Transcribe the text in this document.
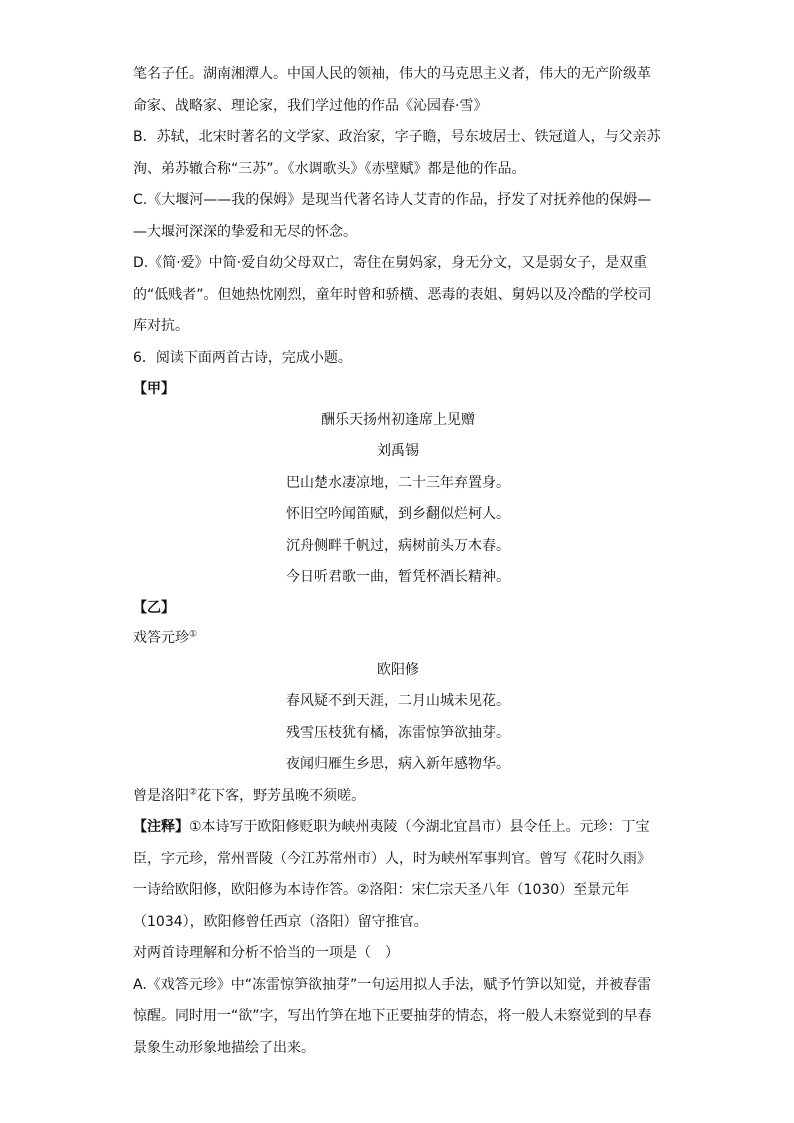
笔名子任。湖南湘潭人。中国人民的领袖，伟大的马克思主义者，伟大的无产阶级革
命家、战略家、理论家，我们学过他的作品《沁园春·雪》
B．苏轼，北宋时著名的文学家、政治家，字子瞻，号东坡居士、铁冠道人，与父亲苏
洵、弟苏辙合称“三苏”。《水调歌头》《赤壁赋》都是他的作品。
C.《大堰河——我的保姆》是现当代著名诗人艾青的作品，抒发了对抚养他的保姆—
—大堰河深深的挚爱和无尽的怀念。
D.《简·爱》中简·爱自幼父母双亡，寄住在舅妈家，身无分文，又是弱女子，是双重
的“低贱者”。但她热忱刚烈，童年时曾和骄横、恶毒的表姐、舅妈以及冷酷的学校司
库对抗。
6．阅读下面两首古诗，完成小题。
【甲】
酬乐天扬州初逢席上见赠
刘禹锡
巴山楚水凄凉地，二十三年弃置身。
怀旧空吟闻笛赋，到乡翻似烂柯人。
沉舟侧畔千帆过，病树前头万木春。
今日听君歌一曲，暂凭杯酒长精神。
【乙】
戏答元珍①
欧阳修
春风疑不到天涯，二月山城未见花。
残雪压枝犹有橘，冻雷惊笋欲抽芽。
夜闻归雁生乡思，病入新年感物华。
曾是洛阳②花下客，野芳虽晚不须嗟。
【注释】①本诗写于欧阳修贬职为峡州夷陵（今湖北宜昌市）县令任上。元珍：丁宝
臣，字元珍，常州晋陵（今江苏常州市）人，时为峡州军事判官。曾写《花时久雨》
一诗给欧阳修，欧阳修为本诗作答。②洛阳：宋仁宗天圣八年（1030）至景元年
（1034），欧阳修曾任西京（洛阳）留守推官。
对两首诗理解和分析不恰当的一项是（　）
A.《戏答元珍》中“冻雷惊笋欲抽芽”一句运用拟人手法，赋予竹笋以知觉，并被春雷
惊醒。同时用一“欲”字，写出竹笋在地下正要抽芽的情态，将一般人未察觉到的早春
景象生动形象地描绘了出来。
